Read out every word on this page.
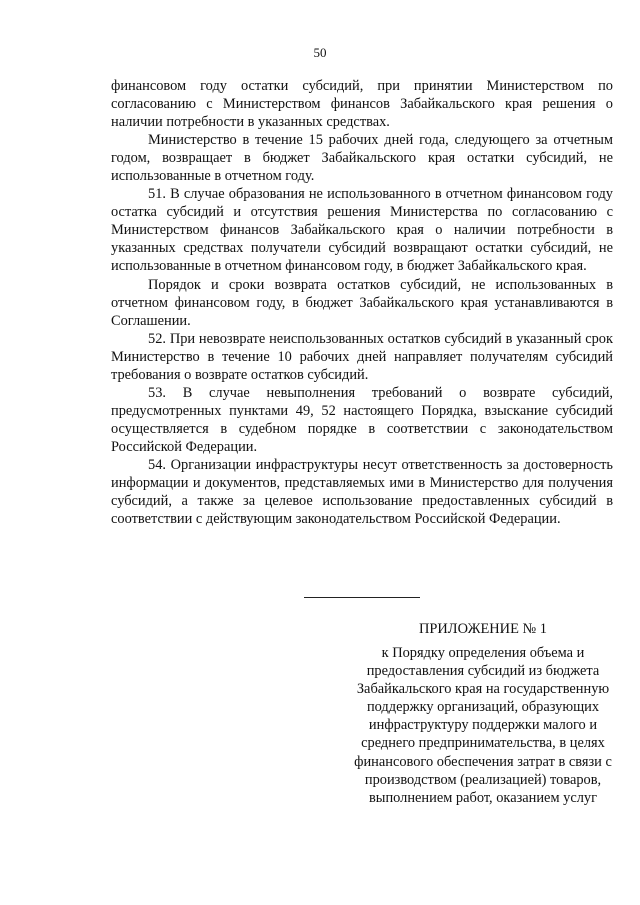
50

финансовом году остатки субсидий, при принятии Министерством по согласованию с Министерством финансов Забайкальского края решения о наличии потребности в указанных средствах.

Министерство в течение 15 рабочих дней года, следующего за отчетным годом, возвращает в бюджет Забайкальского края остатки субсидий, не использованные в отчетном году.

51. В случае образования не использованного в отчетном финансовом году остатка субсидий и отсутствия решения Министерства по согласованию с Министерством финансов Забайкальского края о наличии потребности в указанных средствах получатели субсидий возвращают остатки субсидий, не использованные в отчетном финансовом году, в бюджет Забайкальского края.

Порядок и сроки возврата остатков субсидий, не использованных в отчетном финансовом году, в бюджет Забайкальского края устанавливаются в Соглашении.

52. При невозврате неиспользованных остатков субсидий в указанный срок Министерство в течение 10 рабочих дней направляет получателям субсидий требования о возврате остатков субсидий.

53. В случае невыполнения требований о возврате субсидий, предусмотренных пунктами 49, 52 настоящего Порядка, взыскание субсидий осуществляется в судебном порядке в соответствии с законодательством Российской Федерации.

54. Организации инфраструктуры несут ответственность за достоверность информации и документов, представляемых ими в Министерство для получения субсидий, а также за целевое использование предоставленных субсидий в соответствии с действующим законодательством Российской Федерации.

ПРИЛОЖЕНИЕ № 1

к Порядку определения объема и
предоставления субсидий из бюджета
Забайкальского края на государственную
поддержку организаций, образующих
инфраструктуру поддержки малого и
среднего предпринимательства, в целях
финансового обеспечения затрат в связи с
производством (реализацией) товаров,
выполнением работ, оказанием услуг
